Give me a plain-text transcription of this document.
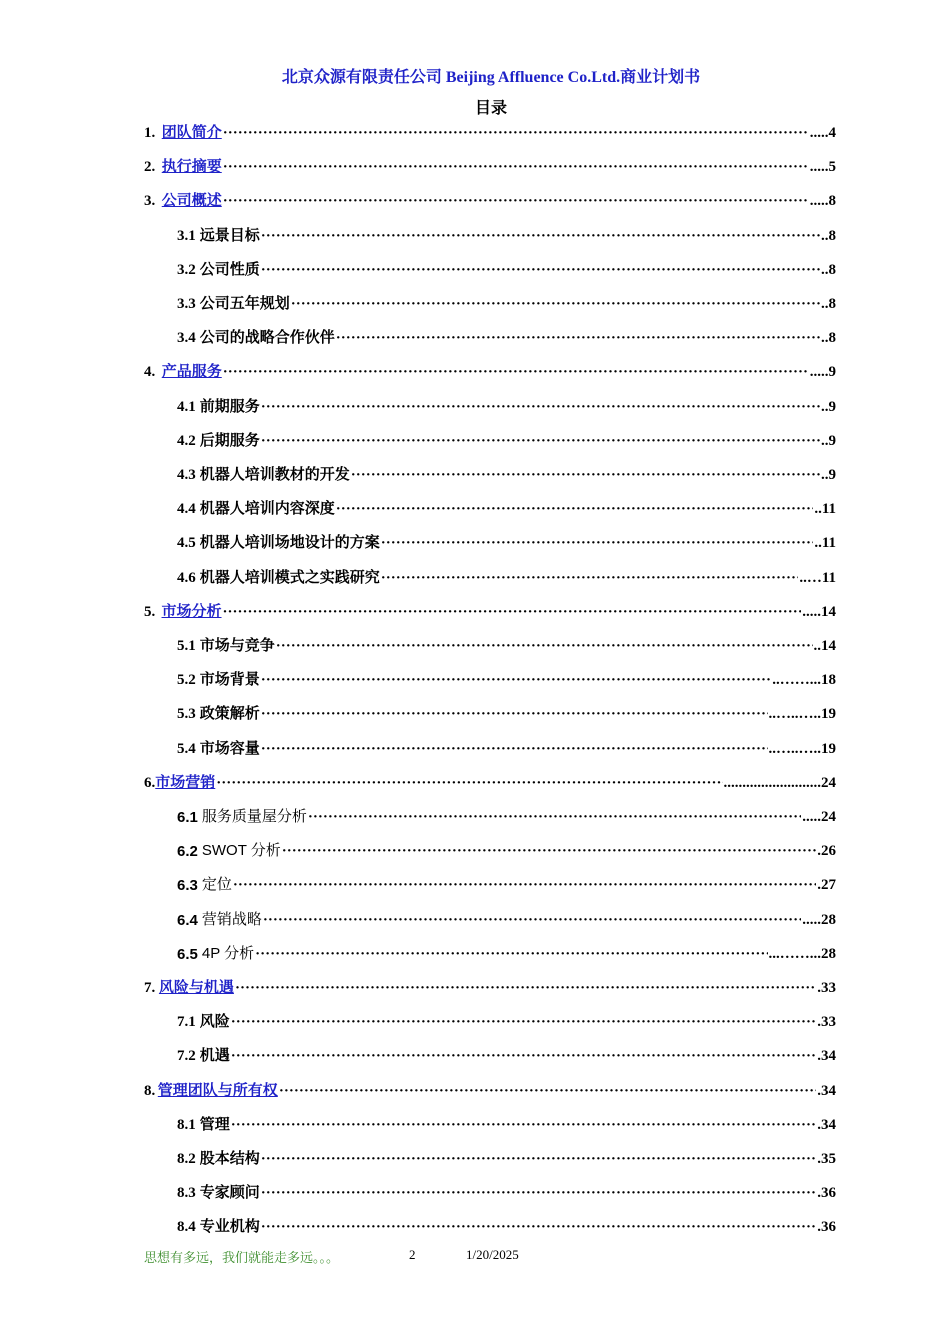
北京众源有限责任公司 Beijing Affluence Co.Ltd.商业计划书
目录
1. 团队简介 ·····	.....4
2. 执行摘要 ·····	.....5
3. 公司概述 ·····	.....8
3.1 远景目标 ·····	..8
3.2 公司性质 ·····	..8
3.3 公司五年规划 ·····	..8
3.4 公司的战略合作伙伴 ·····	..8
4. 产品服务 ·····	.....9
4.1 前期服务 ·····	..9
4.2 后期服务 ·····	..9
4.3 机器人培训教材的开发 ·····	..9
4.4 机器人培训内容深度 ·····	..11
4.5 机器人培训场地设计的方案 ·····	..11
4.6 机器人培训模式之实践研究 ·····	..…11
5. 市场分析 ·····	.....14
5.1 市场与竞争 ·····	..14
5.2 市场背景 ·····	..……...18
5.3 政策解析 ·····	..…..…..19
5.4 市场容量 ·····	..…..…..19
6. 市场营销 ·····	..........................24
6.1 服务质量屋分析 ·····	.....24
6.2 SWOT 分析 ·····	.26
6.3 定位 ·····	.27
6.4 营销战略 ·····	.....28
6.5 4P 分析 ·····	...……...28
7. 风险与机遇 ·····	.33
7.1 风险 ·····	.33
7.2 机遇 ·····	.34
8. 管理团队与所有权 ·····	.34
8.1 管理 ·····	.34
8.2 股本结构 ·····	.35
8.3 专家顾问 ·····	.36
8.4 专业机构 ·····	.36
思想有多远，我们就能走多远。。。	2	1/20/2025
